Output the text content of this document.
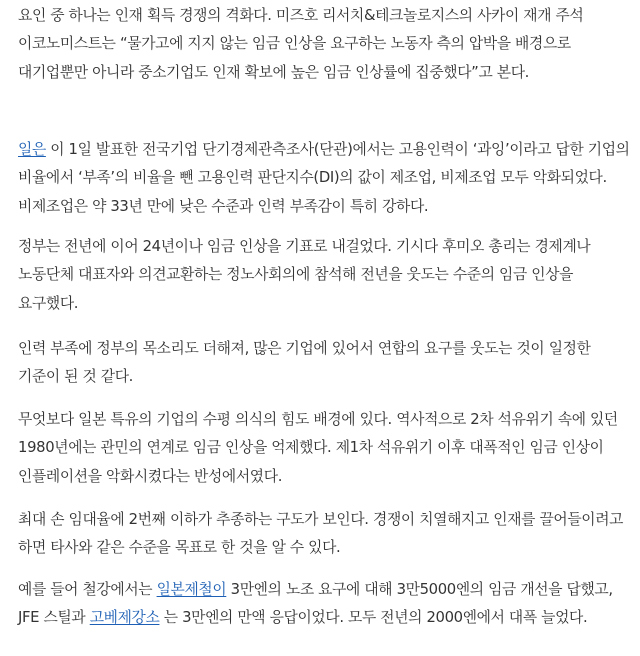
요인 중 하나는 인재 획득 경쟁의 격화다. 미즈호 리서치&테크놀로지스의 사카이 재개 주석 이코노미스트는 “물가고에 지지 않는 임금 인상을 요구하는 노동자 측의 압박을 배경으로 대기업뿐만 아니라 중소기업도 인재 확보에 높은 임금 인상률에 집중했다”고 본다.

일은 이 1일 발표한 전국기업 단기경제관측조사(단관)에서는 고용인력이 ‘과잉’이라고 답한 기업의 비율에서 ‘부족’의 비율을 뺀 고용인력 판단지수(DI)의 값이 제조업, 비제조업 모두 악화되었다. 비제조업은 약 33년 만에 낮은 수준과 인력 부족감이 특히 강하다.

정부는 전년에 이어 24년이나 임금 인상을 기표로 내걸었다. 기시다 후미오 총리는 경제계나 노동단체 대표자와 의견교환하는 정노사회의에 참석해 전년을 웃도는 수준의 임금 인상을 요구했다.

인력 부족에 정부의 목소리도 더해져, 많은 기업에 있어서 연합의 요구를 웃도는 것이 일정한 기준이 된 것 같다.

무엇보다 일본 특유의 기업의 수평 의식의 힘도 배경에 있다. 역사적으로 2차 석유위기 속에 있던 1980년에는 관민의 연계로 임금 인상을 억제했다. 제1차 석유위기 이후 대폭적인 임금 인상이 인플레이션을 악화시켰다는 반성에서였다.

최대 손 임대율에 2번째 이하가 추종하는 구도가 보인다. 경쟁이 치열해지고 인재를 끌어들이려고 하면 타사와 같은 수준을 목표로 한 것을 알 수 있다.

예를 들어 철강에서는 일본제철이 3만엔의 노조 요구에 대해 3만5000엔의 임금 개선을 답했고, JFE 스틸과 고베제강소 는 3만엔의 만액 응답이었다. 모두 전년의 2000엔에서 대폭 늘었다.
